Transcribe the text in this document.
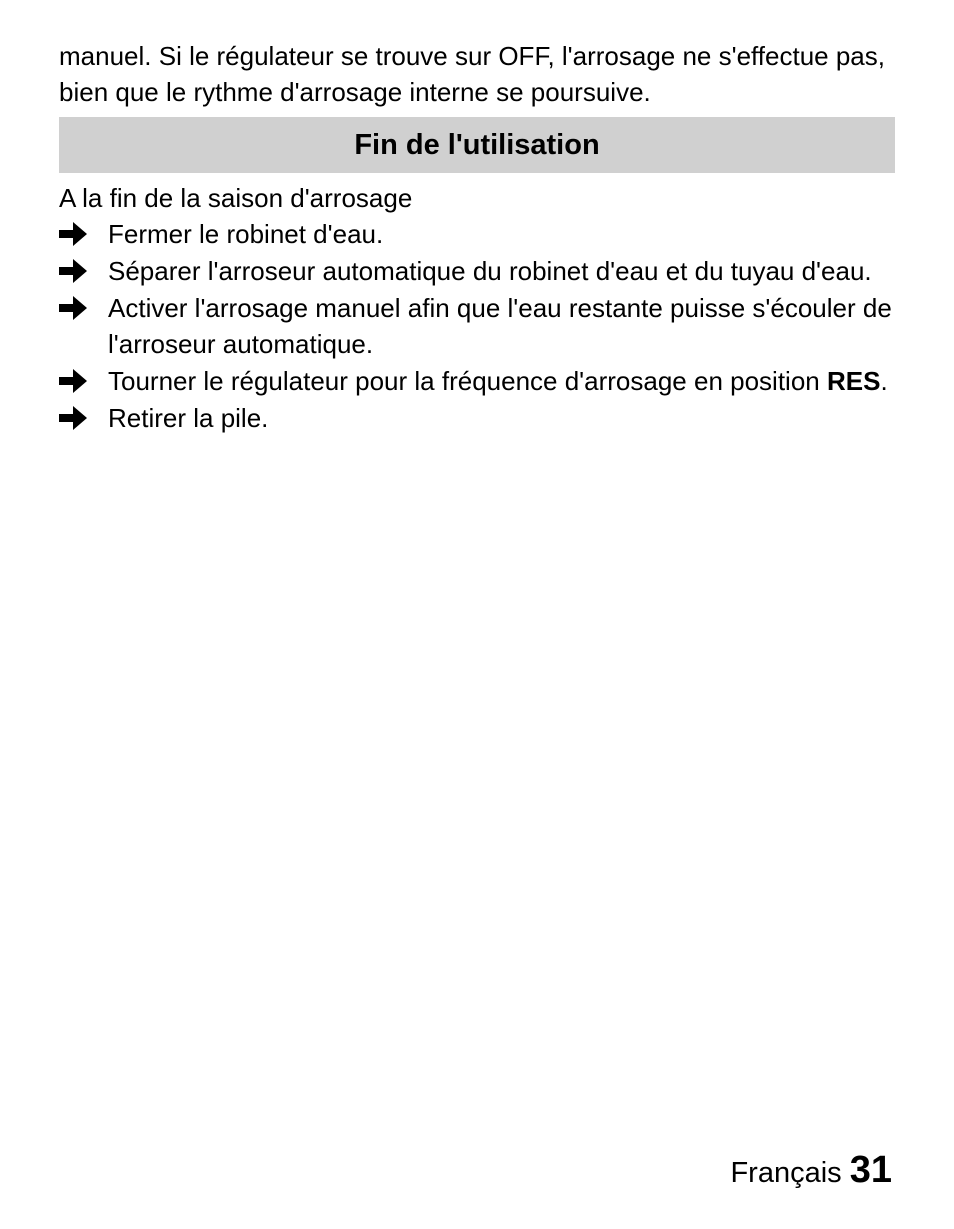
manuel. Si le régulateur se trouve sur OFF, l'arrosage ne s'effectue pas, bien que le rythme d'arrosage interne se poursuive.

Fin de l'utilisation

A la fin de la saison d'arrosage

Fermer le robinet d'eau.
Séparer l'arroseur automatique du robinet d'eau et du tuyau d'eau.
Activer l'arrosage manuel afin que l'eau restante puisse s'écouler de l'arroseur automatique.
Tourner le régulateur pour la fréquence d'arrosage en position RES.
Retirer la pile.
Français 31
